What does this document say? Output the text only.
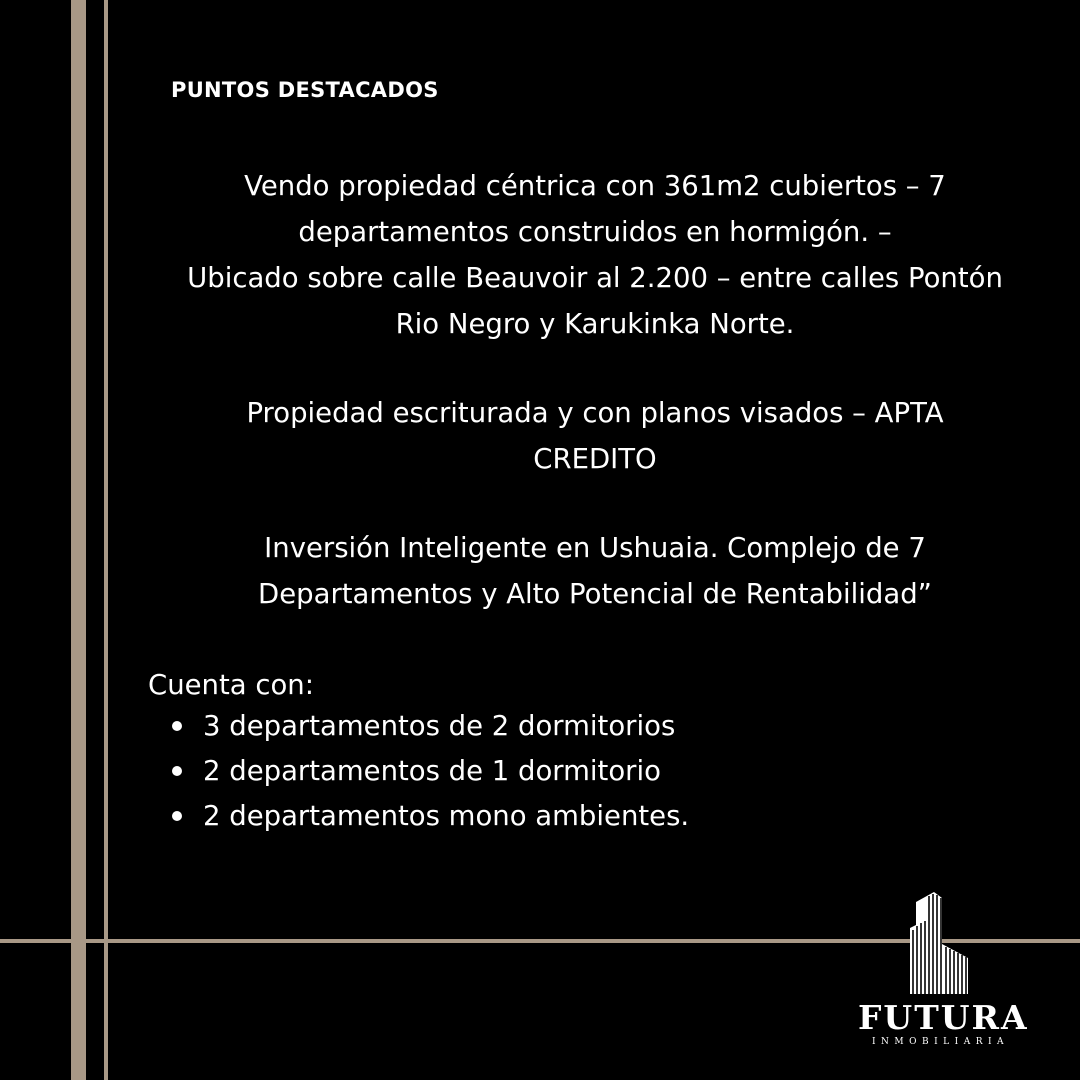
PUNTOS DESTACADOS
Vendo propiedad céntrica con 361m2 cubiertos – 7
departamentos construidos en hormigón. –
Ubicado sobre calle Beauvoir al 2.200 – entre calles Pontón
Rio Negro y Karukinka Norte.
Propiedad escriturada y con planos visados – APTA
CREDITO
Inversión Inteligente en Ushuaia. Complejo de 7
Departamentos y Alto Potencial de Rentabilidad”
Cuenta con:
3 departamentos de 2 dormitorios
2 departamentos de 1 dormitorio
2 departamentos mono ambientes.
FUTURA
INMOBILIARIA
